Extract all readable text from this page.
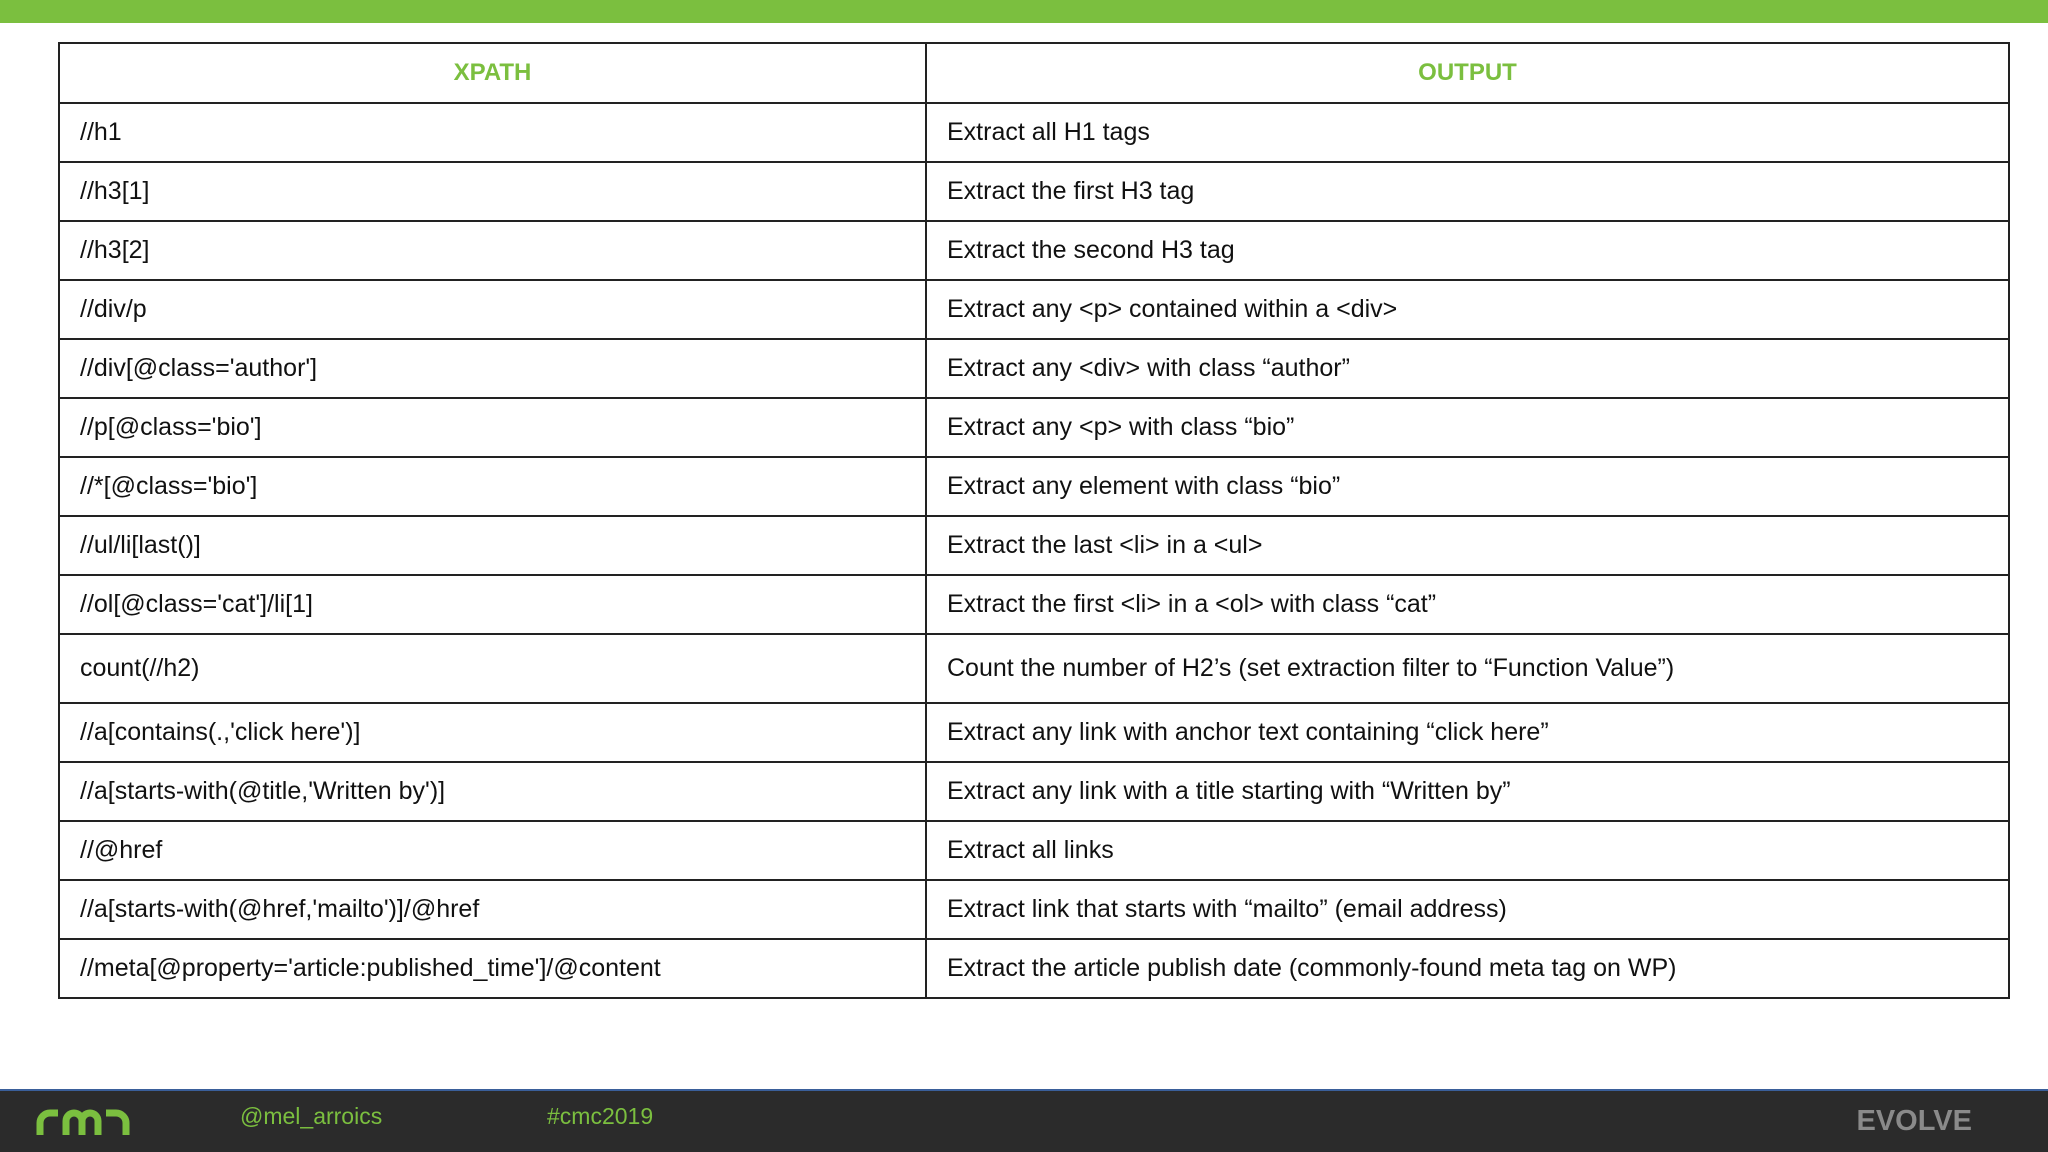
XPATH	OUTPUT
//h1	Extract all H1 tags
//h3[1]	Extract the first H3 tag
//h3[2]	Extract the second H3 tag
//div/p	Extract any <p> contained within a <div>
//div[@class='author']	Extract any <div> with class “author”
//p[@class='bio']	Extract any <p> with class “bio”
//*[@class='bio']	Extract any element with class “bio”
//ul/li[last()]	Extract the last <li> in a <ul>
//ol[@class='cat']/li[1]	Extract the first <li> in a <ol> with class “cat”
count(//h2)	Count the number of H2’s (set extraction filter to “Function Value”)
//a[contains(.,'click here')]	Extract any link with anchor text containing “click here”
//a[starts-with(@title,'Written by')]	Extract any link with a title starting with “Written by”
//@href	Extract all links
//a[starts-with(@href,'mailto')]/@href	Extract link that starts with “mailto” (email address)
//meta[@property='article:published_time']/@content	Extract the article publish date (commonly-found meta tag on WP)
@mel_arroics	#cmc2019	EVOLVE
